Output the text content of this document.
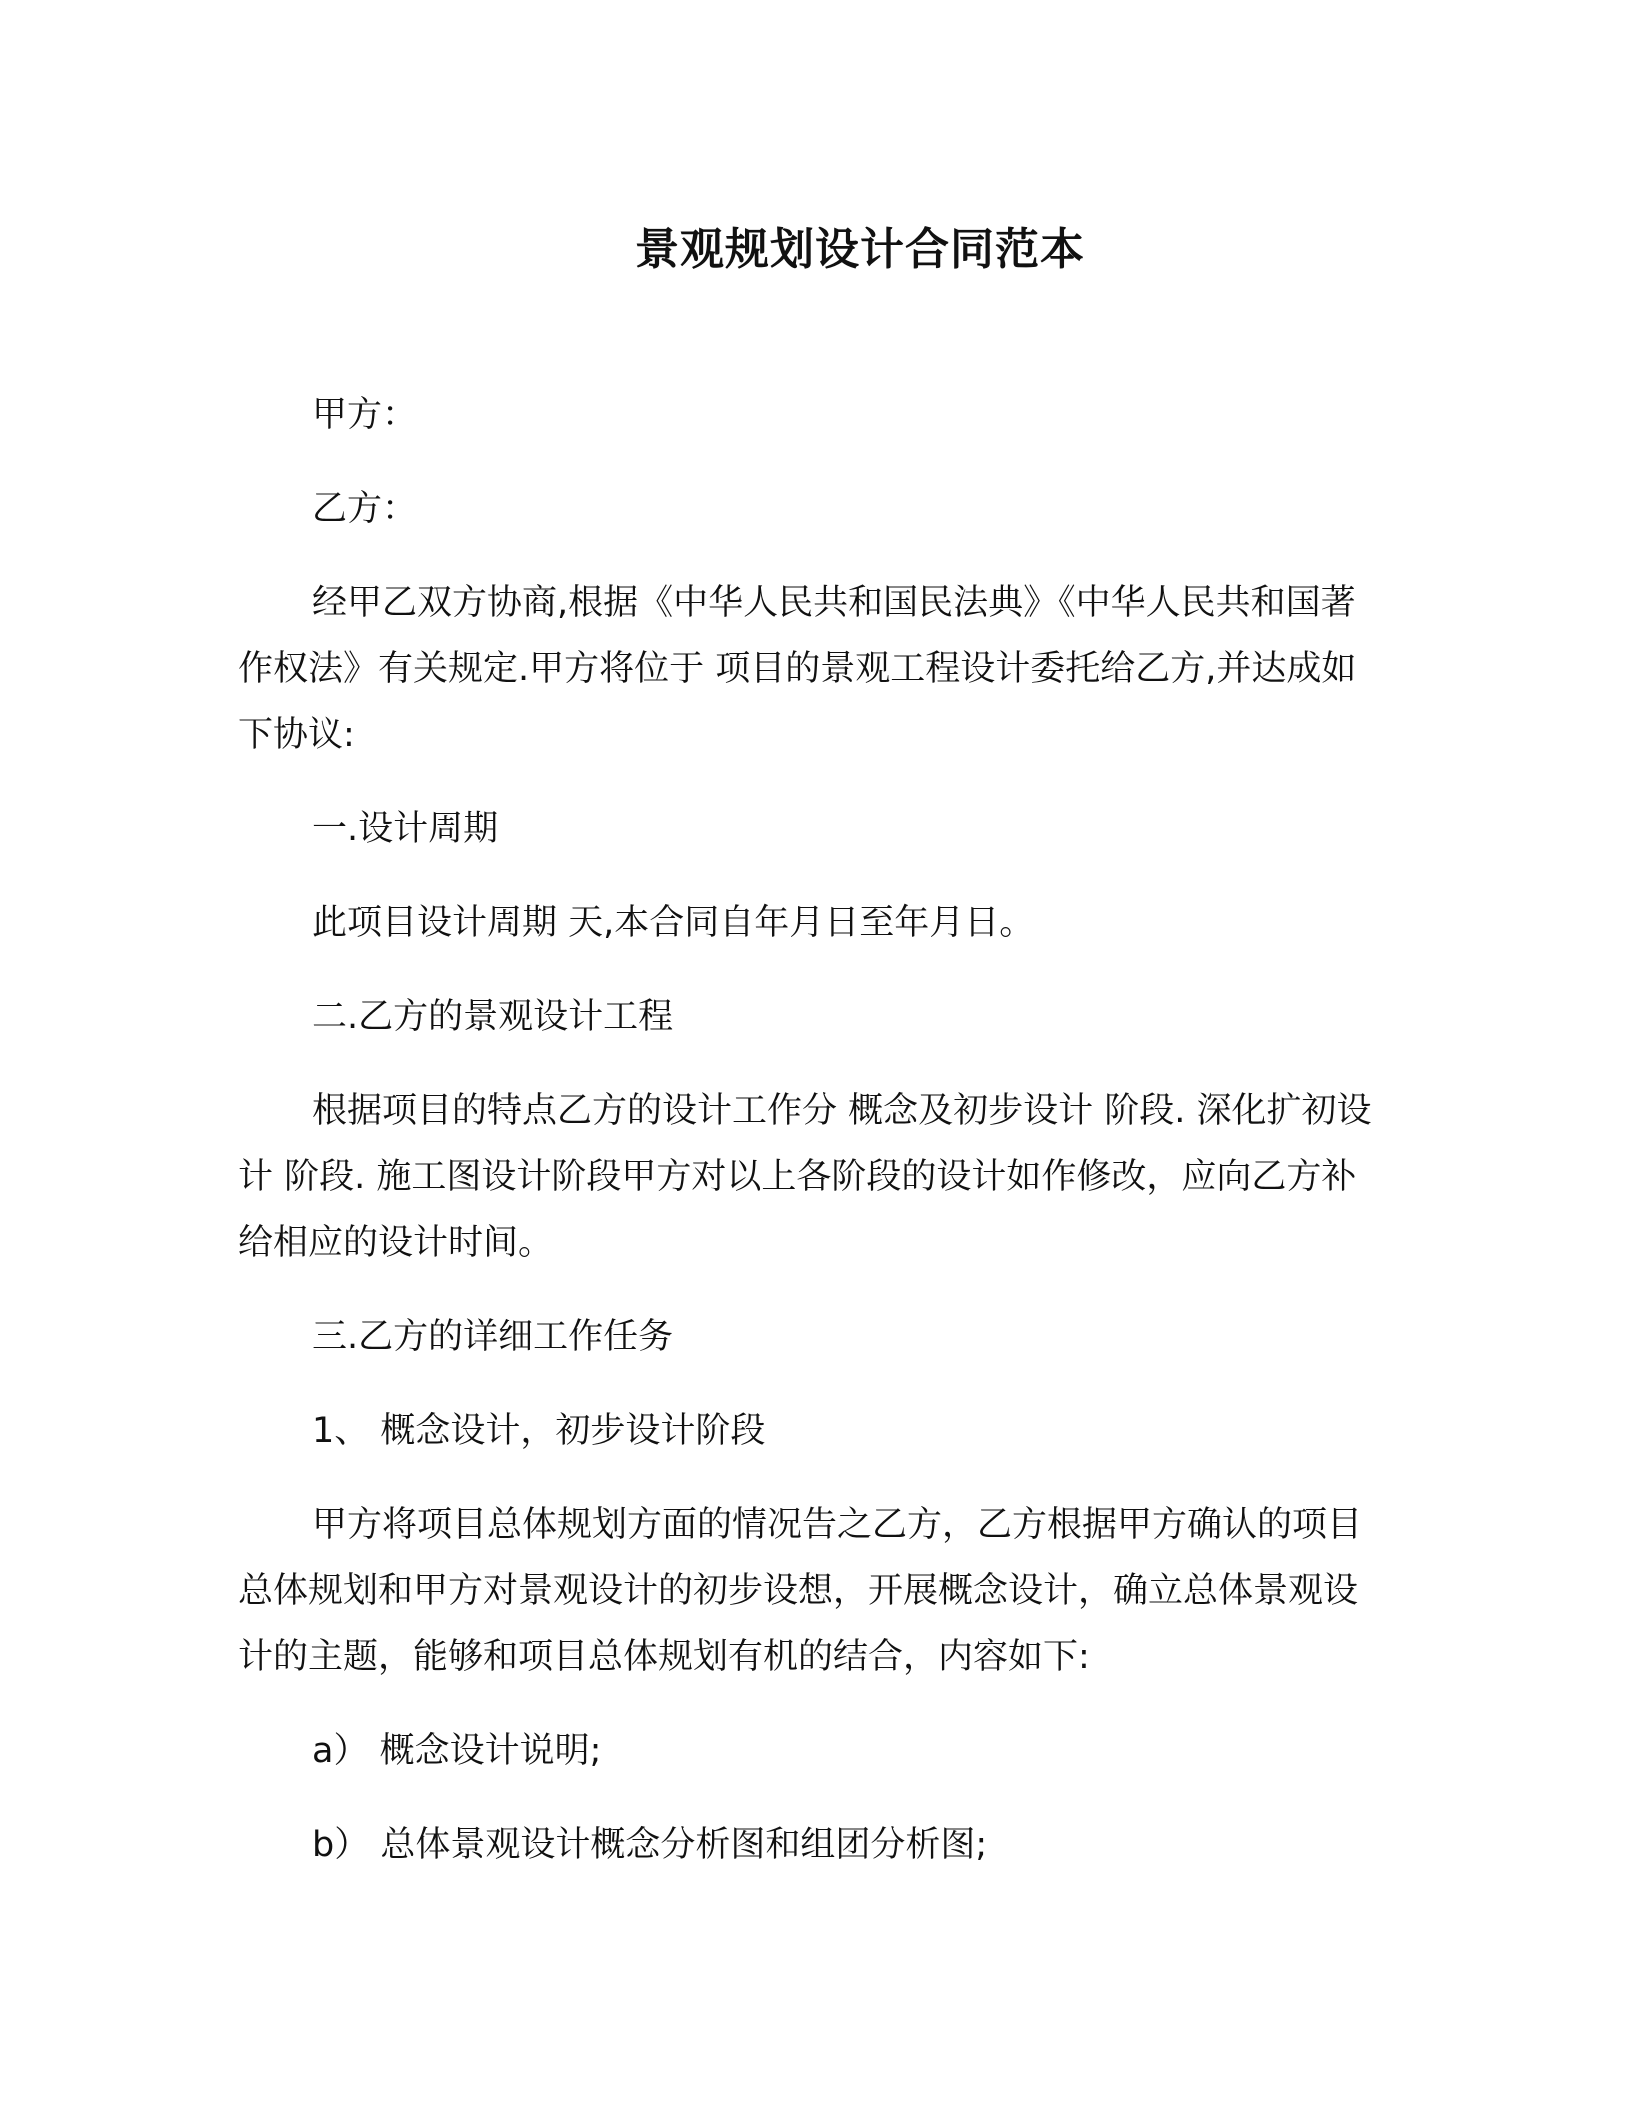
景观规划设计合同范本

甲方：

乙方：

经甲乙双方协商,根据《中华人民共和国民法典》《中华人民共和国著作权法》有关规定.甲方将位于 项目的景观工程设计委托给乙方,并达成如下协议:

一.设计周期

此项目设计周期 天,本合同自年月日至年月日。

二.乙方的景观设计工程

根据项目的特点乙方的设计工作分 概念及初步设计 阶段. 深化扩初设计 阶段. 施工图设计阶段甲方对以上各阶段的设计如作修改，应向乙方补给相应的设计时间。

三.乙方的详细工作任务

1、 概念设计，初步设计阶段

甲方将项目总体规划方面的情况告之乙方，乙方根据甲方确认的项目总体规划和甲方对景观设计的初步设想，开展概念设计，确立总体景观设计的主题，能够和项目总体规划有机的结合，内容如下:

a） 概念设计说明;

b） 总体景观设计概念分析图和组团分析图;
